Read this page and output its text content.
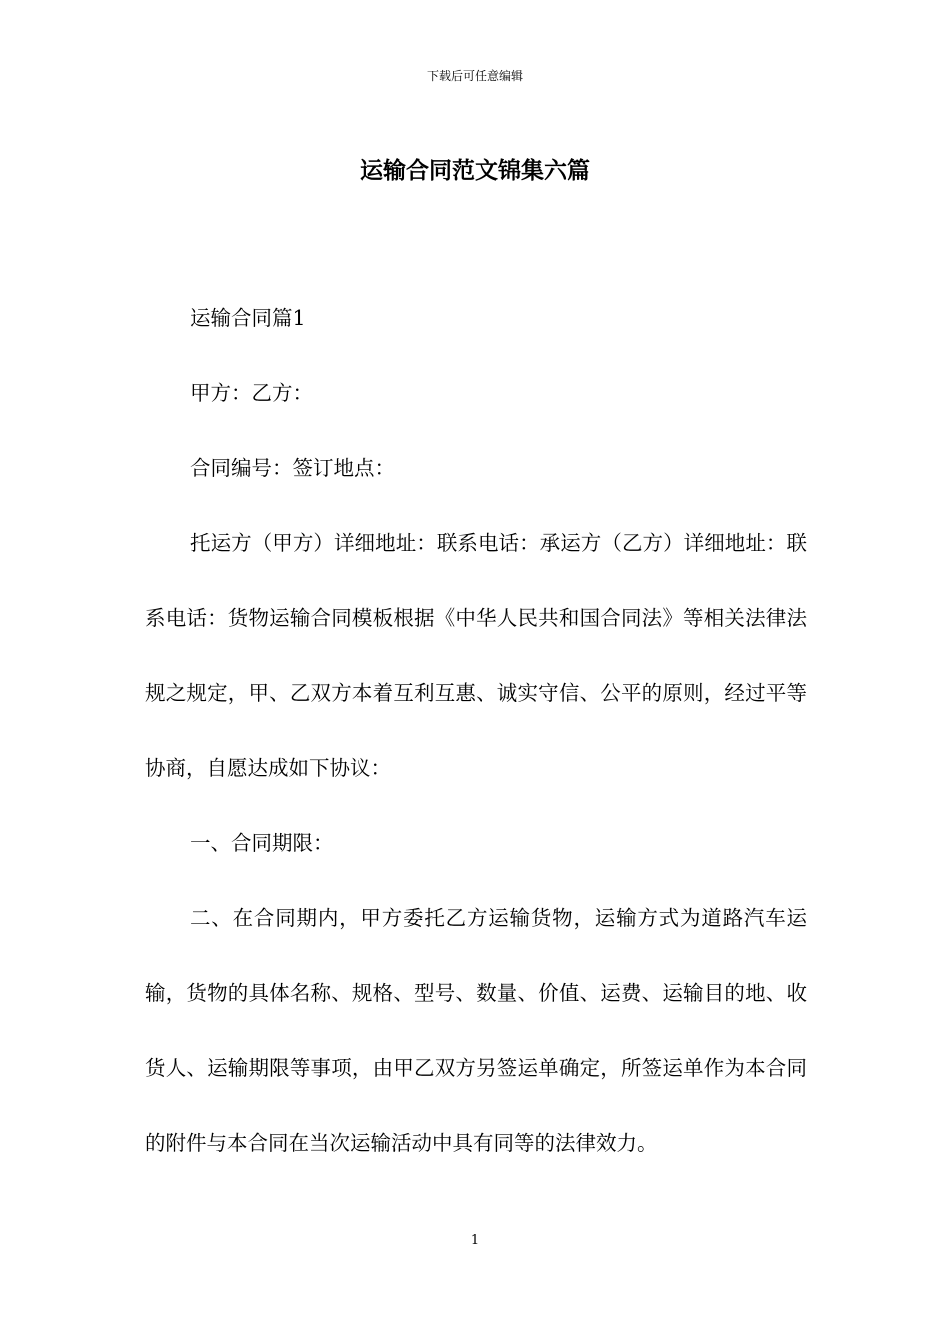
下载后可任意编辑
运输合同范文锦集六篇

运输合同篇1

甲方：乙方：

合同编号：签订地点：

托运方（甲方）详细地址：联系电话：承运方（乙方）详细地址：联系电话：货物运输合同模板根据《中华人民共和国合同法》等相关法律法规之规定，甲、乙双方本着互利互惠、诚实守信、公平的原则，经过平等协商，自愿达成如下协议：

一、合同期限：

二、在合同期内，甲方委托乙方运输货物，运输方式为道路汽车运输，货物的具体名称、规格、型号、数量、价值、运费、运输目的地、收货人、运输期限等事项，由甲乙双方另签运单确定，所签运单作为本合同的附件与本合同在当次运输活动中具有同等的法律效力。

1
